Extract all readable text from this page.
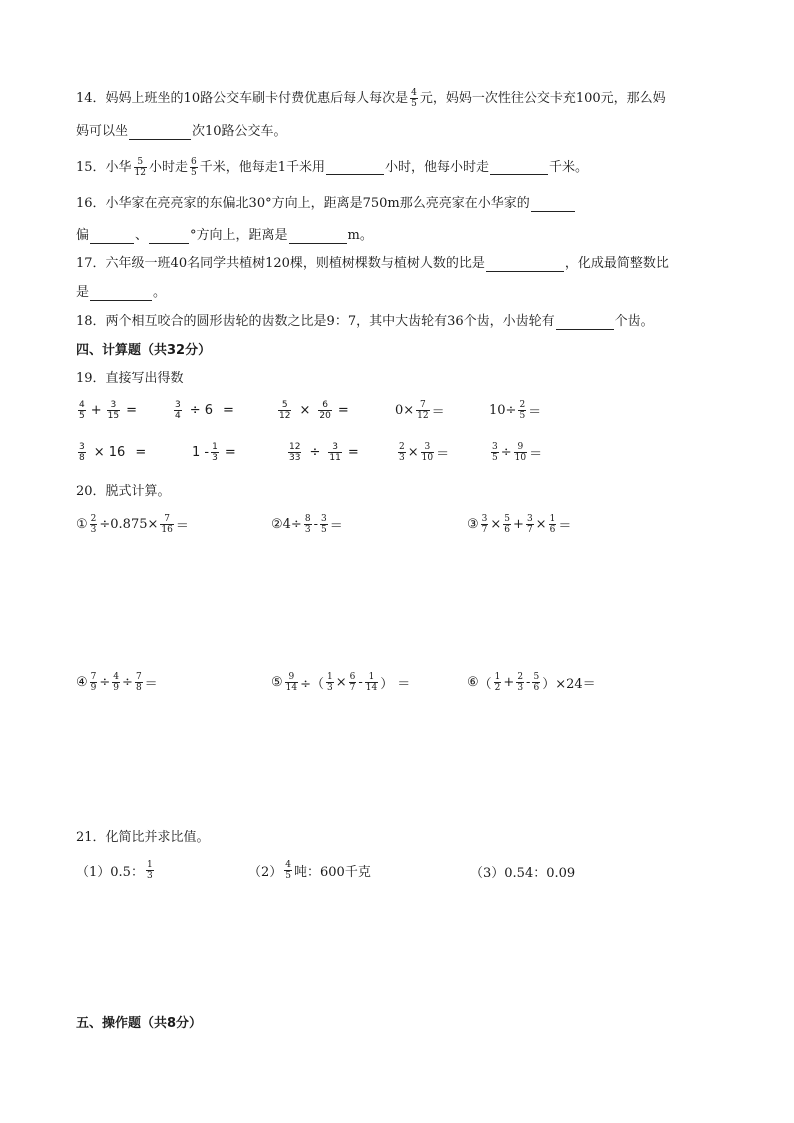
14．妈妈上班坐的10路公交车刷卡付费优惠后每人每次是 $\frac{4}{5}$ 元，妈妈一次性往公交卡充100元，那么妈
妈可以坐	次10路公交车。
15．小华 $\frac{5}{12}$ 小时走 $\frac{6}{5}$ 千米，他每走1千米用	小时，他每小时走	千米。
16．小华家在亮亮家的东偏北30°方向上，距离是750m那么亮亮家在小华家的
偏	、	°方向上，距离是	m。
17．六年级一班40名同学共植树120棵，则植树棵数与植树人数的比是	，化成最简整数比
是	。
18．两个相互咬合的圆形齿轮的齿数之比是9：7，其中大齿轮有36个齿，小齿轮有	个齿。
四、计算题（共32分）
19．直接写出得数
$\frac{4}{5} + \frac{3}{15}$ =	$\frac{3}{4} \div 6$ =	$\frac{5}{12} \times \frac{6}{20}$ =	$0\times \frac{7}{12}$ ＝	$10\div \frac{2}{5}$ ＝
$\frac{3}{8} \times 16$ =	$1 - \frac{1}{3}$ =	$\frac{12}{33} \div \frac{3}{11}$ =	$\frac{2}{3} \times \frac{3}{10}$ ＝	$\frac{3}{5} \div \frac{9}{10}$ ＝
20．脱式计算。
① $\frac{2}{3} \div 0.875\times \frac{7}{16}$ ＝	② $4\div \frac{8}{3} - \frac{3}{5}$ ＝	③ $\frac{3}{7} \times \frac{5}{6} + \frac{3}{7} \times \frac{1}{6}$ ＝
④ $\frac{7}{9} \div \frac{4}{9} \div \frac{7}{8}$ ＝	⑤ $\frac{9}{14}$ ÷（ $\frac{1}{3} \times \frac{6}{7} - \frac{1}{14}$ ） ＝	⑥ （ $\frac{1}{2} + \frac{2}{3} - \frac{5}{6} )\times 24$ ＝
21．化简比并求比值。
（1）0.5： $\frac{1}{3}$	$(2) \frac{4}{5}$ 吨：600千克	（3）0.54：0.09
五、操作题（共8分）
